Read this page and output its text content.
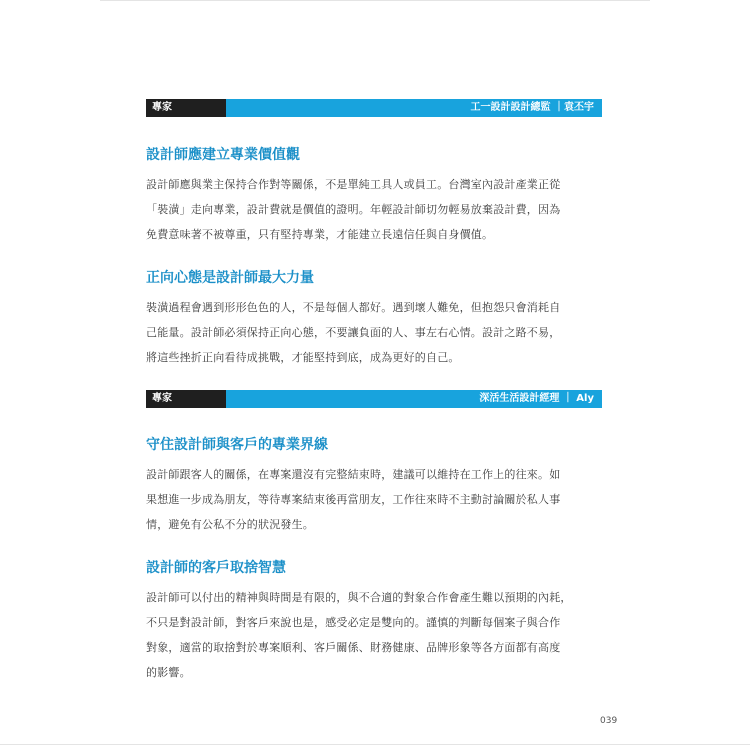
專家	工一設計設計總監 ｜袁丕宇
設計師應建立專業價值觀

設計師應與業主保持合作對等關係，不是單純工具人或員工。台灣室內設計產業正從

「裝潢」走向專業，設計費就是價值的證明。年輕設計師切勿輕易放棄設計費，因為

免費意味著不被尊重，只有堅持專業，才能建立長遠信任與自身價值。

正向心態是設計師最大力量

裝潢過程會遇到形形色色的人，不是每個人都好。遇到壞人難免，但抱怨只會消耗自

己能量。設計師必須保持正向心態，不要讓負面的人、事左右心情。設計之路不易，

將這些挫折正向看待成挑戰，才能堅持到底，成為更好的自己。

專家	深活生活設計經理 ｜ Aly
守住設計師與客戶的專業界線

設計師跟客人的關係，在專案還沒有完整結束時，建議可以維持在工作上的往來。如

果想進一步成為朋友，等待專案結束後再當朋友，工作往來時不主動討論關於私人事

情，避免有公私不分的狀況發生。

設計師的客戶取捨智慧

設計師可以付出的精神與時間是有限的，與不合適的對象合作會產生難以預期的內耗，

不只是對設計師，對客戶來說也是，感受必定是雙向的。謹慎的判斷每個案子與合作

對象，適當的取捨對於專案順利、客戶關係、財務健康、品牌形象等各方面都有高度

的影響。

039
